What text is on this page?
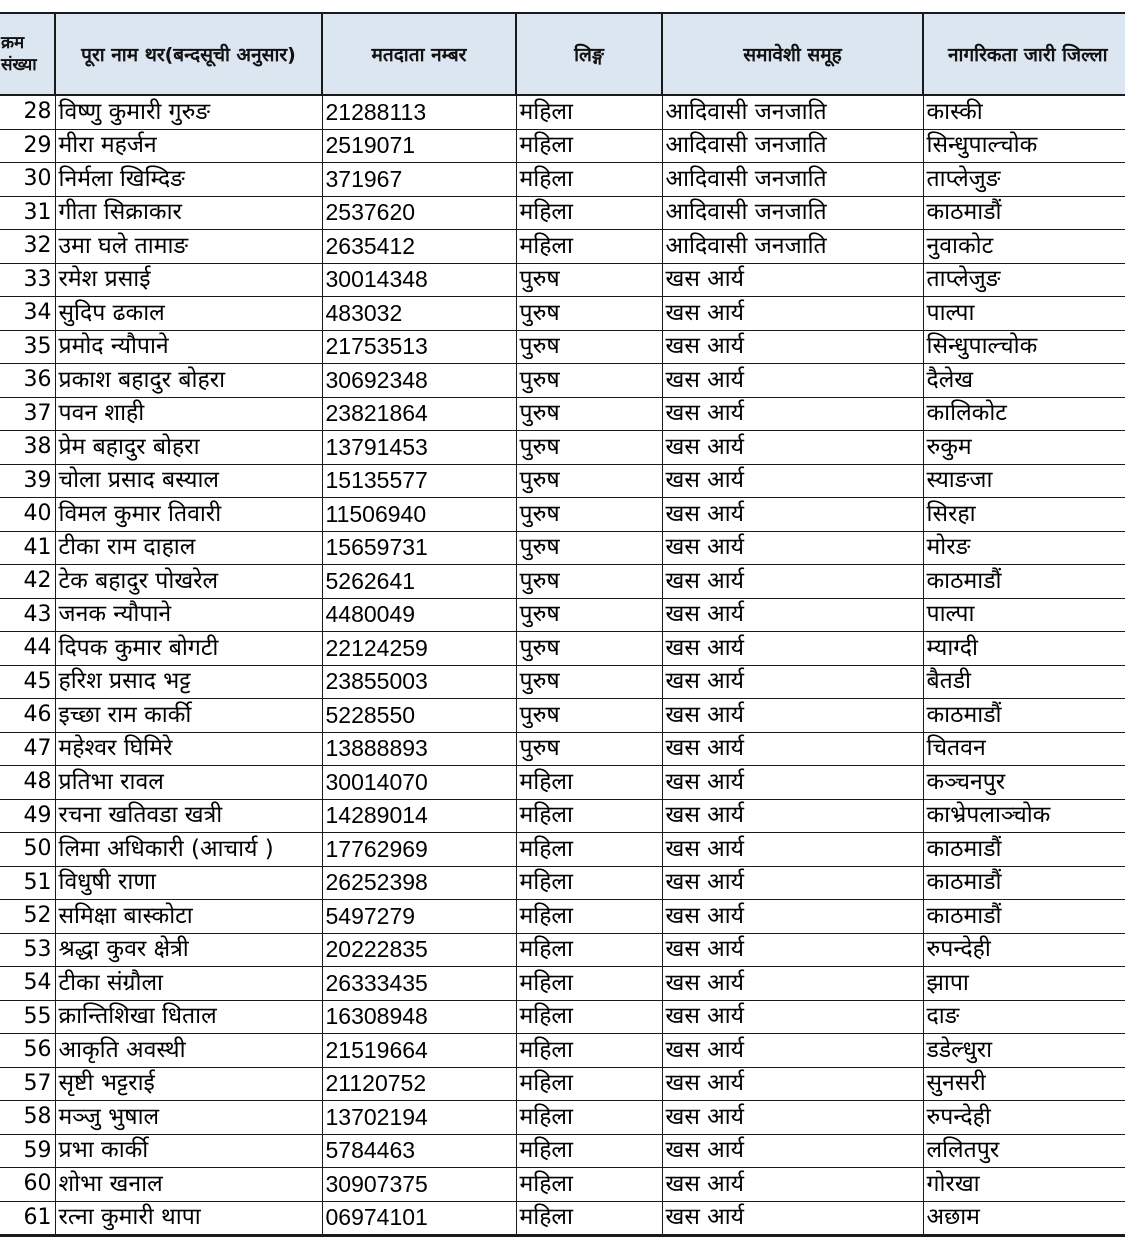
क्रम
संख्या	पूरा नाम थर(बन्दसूची अनुसार)	मतदाता नम्बर	लिङ्ग	समावेशी समूह	नागरिकता जारी जिल्ला
28	विष्णु कुमारी गुरुङ	21288113	महिला	आदिवासी जनजाति	कास्की
29	मीरा महर्जन	2519071	महिला	आदिवासी जनजाति	सिन्धुपाल्चोक
30	निर्मला खिम्दिङ	371967	महिला	आदिवासी जनजाति	ताप्लेजुङ
31	गीता सिक्राकार	2537620	महिला	आदिवासी जनजाति	काठमाडौं
32	उमा घले तामाङ	2635412	महिला	आदिवासी जनजाति	नुवाकोट
33	रमेश प्रसाई	30014348	पुरुष	खस आर्य	ताप्लेजुङ
34	सुदिप ढकाल	483032	पुरुष	खस आर्य	पाल्पा
35	प्रमोद न्यौपाने	21753513	पुरुष	खस आर्य	सिन्धुपाल्चोक
36	प्रकाश बहादुर बोहरा	30692348	पुरुष	खस आर्य	दैलेख
37	पवन शाही	23821864	पुरुष	खस आर्य	कालिकोट
38	प्रेम बहादुर बोहरा	13791453	पुरुष	खस आर्य	रुकुम
39	चोला प्रसाद बस्याल	15135577	पुरुष	खस आर्य	स्याङजा
40	विमल कुमार तिवारी	11506940	पुरुष	खस आर्य	सिरहा
41	टीका राम दाहाल	15659731	पुरुष	खस आर्य	मोरङ
42	टेक बहादुर पोखरेल	5262641	पुरुष	खस आर्य	काठमाडौं
43	जनक न्यौपाने	4480049	पुरुष	खस आर्य	पाल्पा
44	दिपक कुमार बोगटी	22124259	पुरुष	खस आर्य	म्याग्दी
45	हरिश प्रसाद भट्ट	23855003	पुरुष	खस आर्य	बैतडी
46	इच्छा राम कार्की	5228550	पुरुष	खस आर्य	काठमाडौं
47	महेश्वर घिमिरे	13888893	पुरुष	खस आर्य	चितवन
48	प्रतिभा रावल	30014070	महिला	खस आर्य	कञ्चनपुर
49	रचना खतिवडा खत्री	14289014	महिला	खस आर्य	काभ्रेपलाञ्चोक
50	लिमा अधिकारी (आचार्य )	17762969	महिला	खस आर्य	काठमाडौं
51	विधुषी राणा	26252398	महिला	खस आर्य	काठमाडौं
52	समिक्षा बास्कोटा	5497279	महिला	खस आर्य	काठमाडौं
53	श्रद्धा कुवर क्षेत्री	20222835	महिला	खस आर्य	रुपन्देही
54	टीका संग्रौला	26333435	महिला	खस आर्य	झापा
55	क्रान्तिशिखा धिताल	16308948	महिला	खस आर्य	दाङ
56	आकृति अवस्थी	21519664	महिला	खस आर्य	डडेल्धुरा
57	सृष्टी भट्टराई	21120752	महिला	खस आर्य	सुनसरी
58	मञ्जु भुषाल	13702194	महिला	खस आर्य	रुपन्देही
59	प्रभा कार्की	5784463	महिला	खस आर्य	ललितपुर
60	शोभा खनाल	30907375	महिला	खस आर्य	गोरखा
61	रत्ना कुमारी थापा	06974101	महिला	खस आर्य	अछाम
